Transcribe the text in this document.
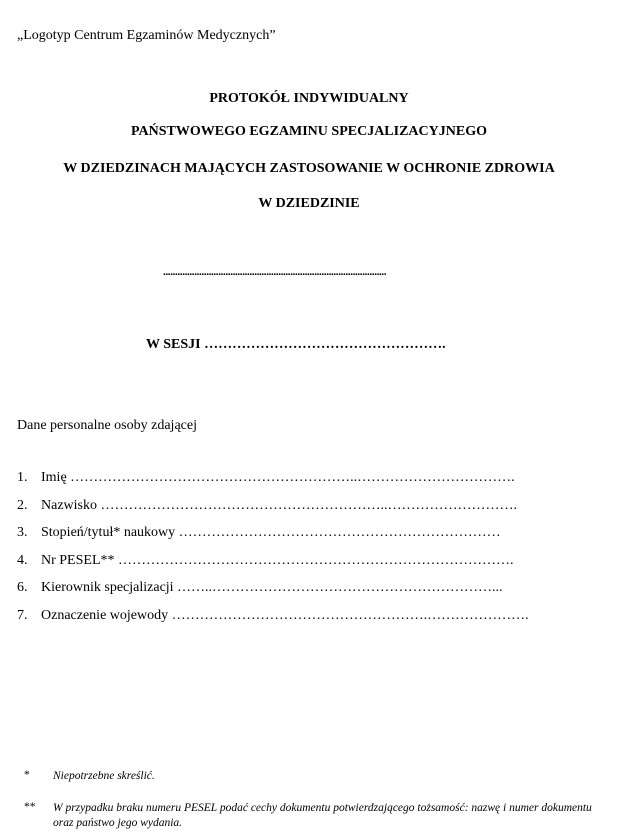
„Logotyp Centrum Egzaminów Medycznych”
PROTOKÓŁ INDYWIDUALNY
PAŃSTWOWEGO EGZAMINU SPECJALIZACYJNEGO
W DZIEDZINACH MAJĄCYCH ZASTOSOWANIE W OCHRONIE ZDROWIA
W DZIEDZINIE
.............................................................................................
W SESJI …………………………………………….
Dane personalne osoby zdającej
1. Imię ……………………………………………………..…………………………….
2. Nazwisko ……………………………………………………..……………………….
3. Stopień/tytuł* naukowy ……………………………………………………………
4. Nr PESEL** ………………………………………………………………………….
6. Kierownik specjalizacji ……..……………………………………………………...
7. Oznaczenie wojewody ……………………………………………….………………….
*	Niepotrzebne skreślić.
**	W przypadku braku numeru PESEL podać cechy dokumentu potwierdzającego tożsamość: nazwę i numer dokumentu oraz państwo jego wydania.
